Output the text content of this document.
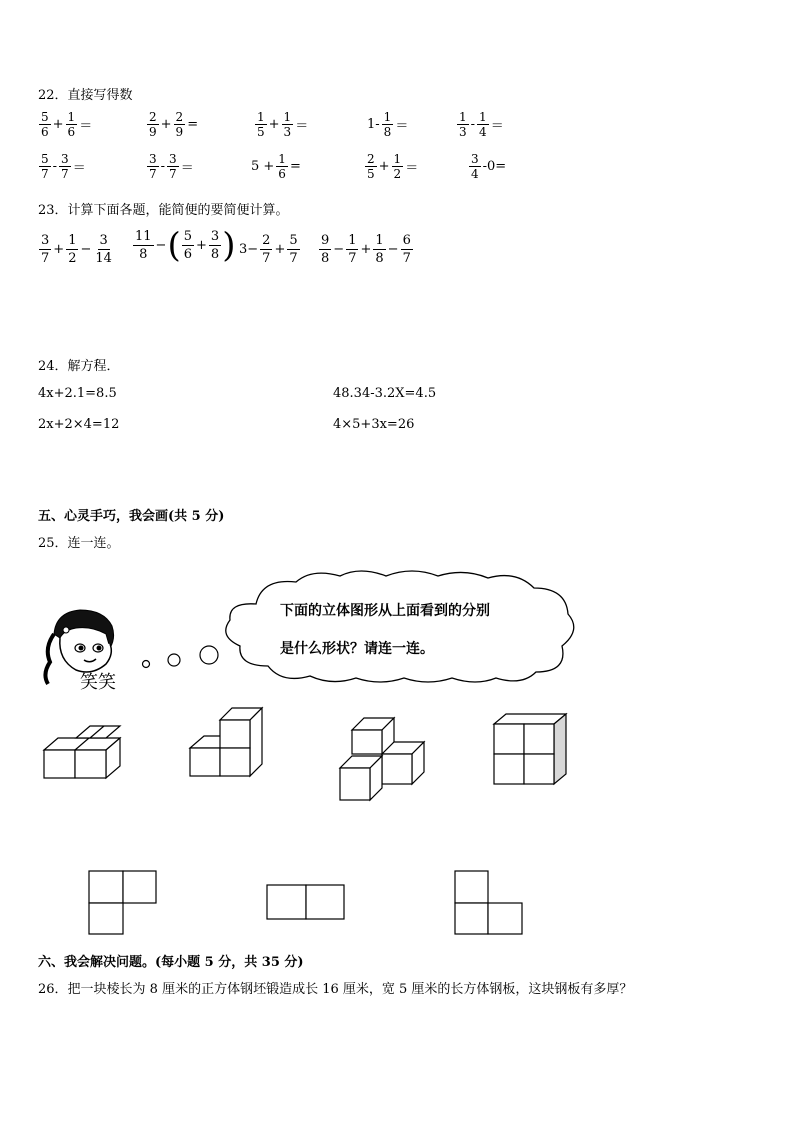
22．直接写得数
$\frac{5}{6} + \frac{1}{6}$ ＝	$\frac{2}{9} + \frac{2}{9}$ =	$\frac{1}{5} + \frac{1}{3}$ ＝	$1- \frac{1}{8}$ ＝	$\frac{1}{3} - \frac{1}{4}$ ＝
$\frac{5}{7} - \frac{3}{7}$ ＝	$\frac{3}{7} - \frac{3}{7}$ ＝	$5 + \frac{1}{6}$ =	$\frac{2}{5} + \frac{1}{2}$ ＝	$\frac{3}{4} -0=$
23．计算下面各题，能简便的要简便计算。
$\frac{3}{7} + \frac{1}{2} - \frac{3}{14} \frac{11}{8}$ −( $\frac{5}{6} + \frac{3}{8}$ ) $3- \frac{2}{7} + \frac{5}{7} \frac{9}{8} - \frac{1}{7} + \frac{1}{8} - \frac{6}{7}$
24．解方程．
4x+2.1=8.5	48.34-3.2X=4.5
2x+2×4=12	4×5+3x=26
五、心灵手巧，我会画(共 5 分)
25．连一连。
笑笑
下面的立体图形从上面看到的分别
是什么形状？请连一连。
六、我会解决问题。(每小题 5 分，共 35 分)
26．把一块棱长为 8 厘米的正方体钢坯锻造成长 16 厘米，宽 5 厘米的长方体钢板，这块钢板有多厚？
